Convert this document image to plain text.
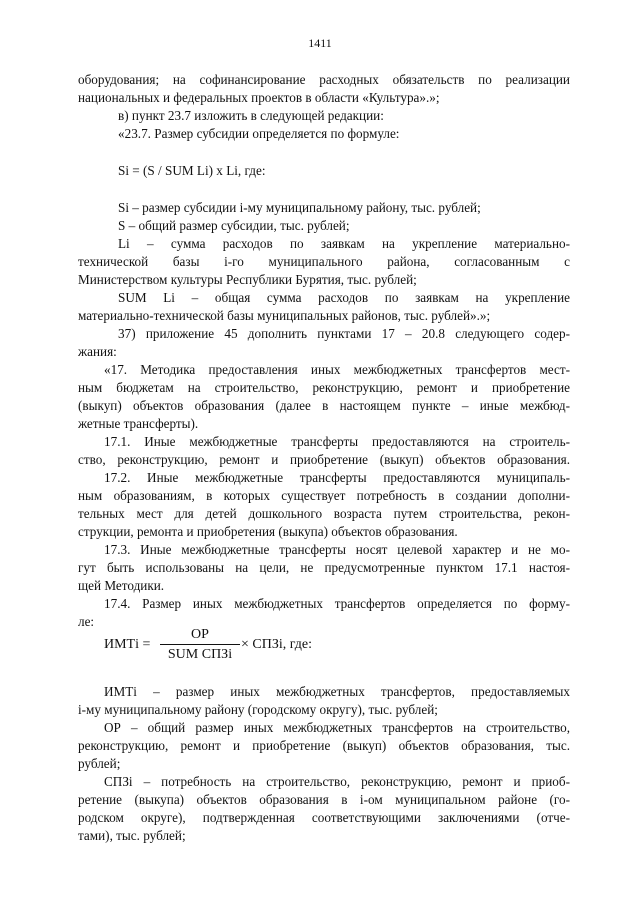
1411
оборудования; на софинансирование расходных обязательств по реализации
национальных и федеральных проектов в области «Культура».»;
в) пункт 23.7 изложить в следующей редакции:
«23.7. Размер субсидии определяется по формуле:
Si = (S / SUM Li) x Li, где:
Si – размер субсидии i-му муниципальному району, тыс. рублей;
S – общий размер субсидии, тыс. рублей;
Li – сумма расходов по заявкам на укрепление материально-
технической базы i-го муниципального района, согласованным с
Министерством культуры Республики Бурятия, тыс. рублей;
SUM Li – общая сумма расходов по заявкам на укрепление
материально-технической базы муниципальных районов, тыс. рублей».»;
37) приложение 45 дополнить пунктами 17 – 20.8 следующего содер-
жания:
«17. Методика предоставления иных межбюджетных трансфертов мест-
ным бюджетам на строительство, реконструкцию, ремонт и приобретение
(выкуп) объектов образования (далее в настоящем пункте – иные межбюд-
жетные трансферты).
17.1. Иные межбюджетные трансферты предоставляются на строитель-
ство, реконструкцию, ремонт и приобретение (выкуп) объектов образования.
17.2. Иные межбюджетные трансферты предоставляются муниципаль-
ным образованиям, в которых существует потребность в создании дополни-
тельных мест для детей дошкольного возраста путем строительства, рекон-
струкции, ремонта и приобретения (выкупа) объектов образования.
17.3. Иные межбюджетные трансферты носят целевой характер и не мо-
гут быть использованы на цели, не предусмотренные пунктом 17.1 настоя-
щей Методики.
17.4. Размер иных межбюджетных трансфертов определяется по форму-
ле:
ИМТi – размер иных межбюджетных трансфертов, предоставляемых
i-му муниципальному району (городскому округу), тыс. рублей;
ОР – общий размер иных межбюджетных трансфертов на строительство,
реконструкцию, ремонт и приобретение (выкуп) объектов образования, тыс.
рублей;
СПЗi – потребность на строительство, реконструкцию, ремонт и приоб-
ретение (выкупа) объектов образования в i-ом муниципальном районе (го-
родском округе), подтвержденная соответствующими заключениями (отче-
тами), тыс. рублей;
ИМТi =
ОР
SUM СПЗi
× СПЗi, где:
